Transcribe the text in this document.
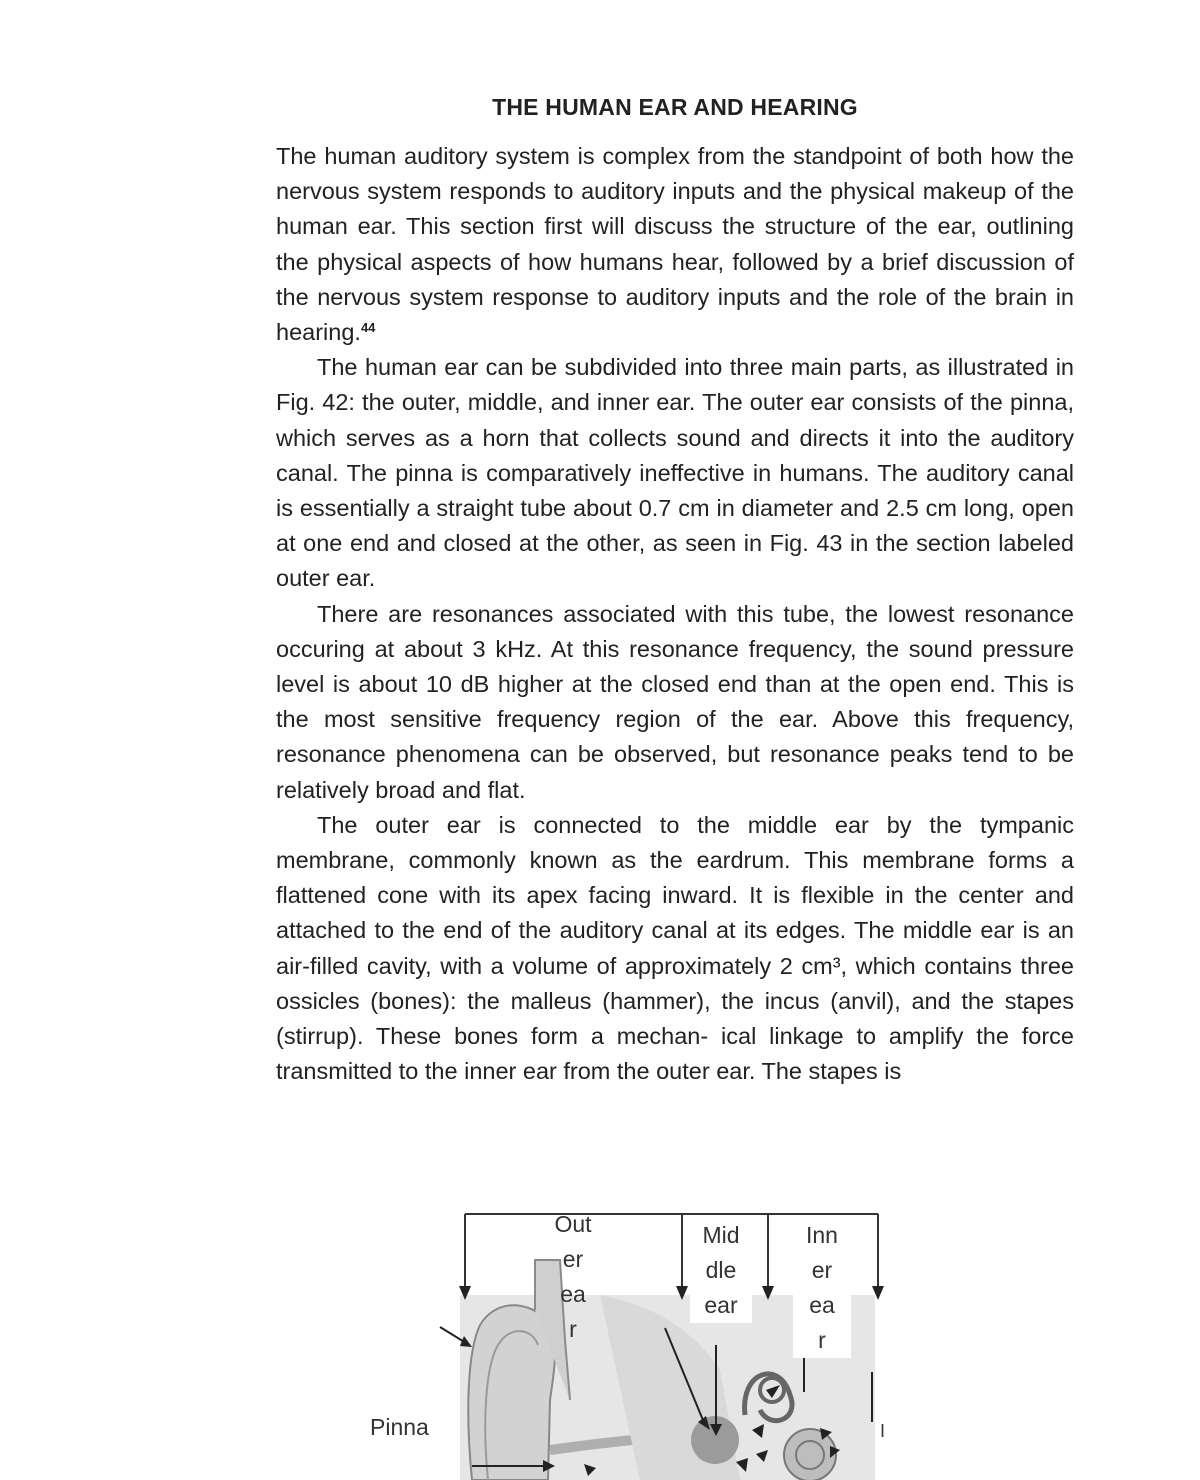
THE HUMAN EAR AND HEARING

The human auditory system is complex from the standpoint of both how the nervous system responds to auditory inputs and the physical makeup of the human ear. This section first will discuss the structure of the ear, outlining the physical aspects of how humans hear, followed by a brief discussion of the nervous system response to auditory inputs and the role of the brain in hearing.$^{44}$

The human ear can be subdivided into three main parts, as illustrated in Fig. 42: the outer, middle, and inner ear. The outer ear consists of the pinna, which serves as a horn that collects sound and directs it into the auditory canal. The pinna is comparatively ineffective in humans. The auditory canal is essentially a straight tube about 0.7 cm in diameter and 2.5 cm long, open at one end and closed at the other, as seen in Fig. 43 in the section labeled outer ear.

There are resonances associated with this tube, the lowest resonance occuring at about 3 kHz. At this resonance frequency, the sound pressure level is about 10 dB higher at the closed end than at the open end. This is the most sensitive frequency region of the ear. Above this frequency, resonance phenomena can be observed, but resonance peaks tend to be relatively broad and flat.

The outer ear is connected to the middle ear by the tympanic membrane, commonly known as the eardrum. This membrane forms a flattened cone with its apex facing inward. It is flexible in the center and attached to the end of the auditory canal at its edges. The middle ear is an air-filled cavity, with a volume of approximately 2 cm³, which contains three ossicles (bones): the malleus (hammer), the incus (anvil), and the stapes (stirrup). These bones form a mechan- ical linkage to amplify the force transmitted to the inner ear from the outer ear. The stapes is

Out
er
ea
r
Mid
dle
ear
Inn
er
ea
r
Pinna	I
